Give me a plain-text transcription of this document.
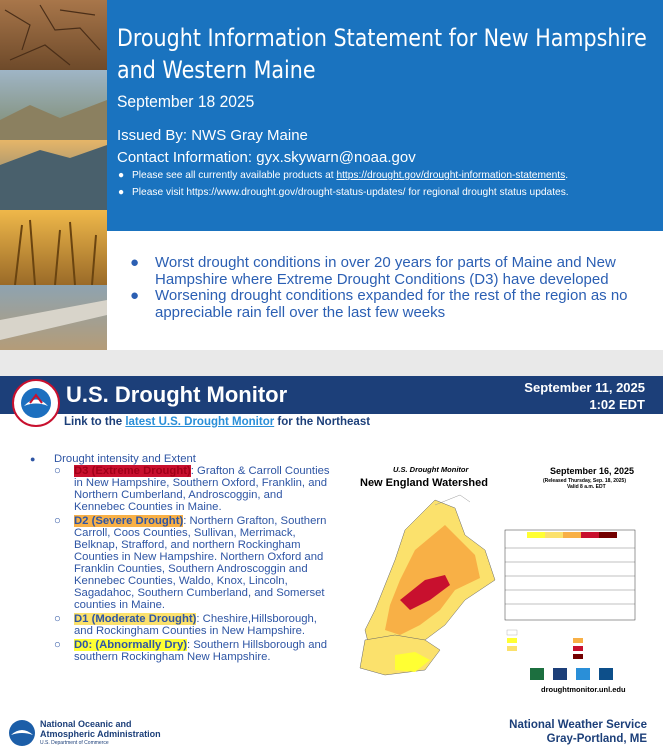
Drought Information Statement for New Hampshire
and Western Maine
September 18 2025
Issued By: NWS Gray Maine
Contact Information: gyx.skywarn@noaa.gov
● Please see all currently available products at https://drought.gov/drought-information-statements.
● Please visit https://www.drought.gov/drought-status-updates/ for regional drought status updates.
● Worst drought conditions in over 20 years for parts of Maine and New Hampshire where Extreme Drought Conditions (D3) have developed
● Worsening drought conditions expanded for the rest of the region as no appreciable rain fell over the last few weeks
U.S. Drought Monitor	September 11, 2025
1:02 EDT
Link to the latest U.S. Drought Monitor for the Northeast
● Drought intensity and Extent
○ D3 (Extreme Drought): Grafton & Carroll Counties in New Hampshire, Southern Oxford, Franklin, and Northern Cumberland, Androscoggin, and Kennebec Counties in Maine.
○ D2 (Severe Drought): Northern Grafton, Southern Carroll, Coos Counties, Sullivan, Merrimack, Belknap, Strafford, and northern Rockingham Counties in New Hampshire. Northern Oxford and Franklin Counties, Southern Androscoggin and Kennebec Counties, Waldo, Knox, Lincoln, Sagadahoc, Southern Cumberland, and Somerset counties in Maine.
○ D1 (Moderate Drought): Cheshire,Hillsborough, and Rockingham Counties in New Hampshire.
○ D0: (Abnormally Dry): Southern Hillsborough and southern Rockingham New Hampshire.
U.S. Drought Monitor
New England Watershed
September 16, 2025
(Released Thursday, Sep. 18, 2025)
Valid 8 a.m. EDT
droughtmonitor.unl.edu
National Oceanic and
Atmospheric Administration
U.S. Department of Commerce
National Weather Service
Gray-Portland, ME
